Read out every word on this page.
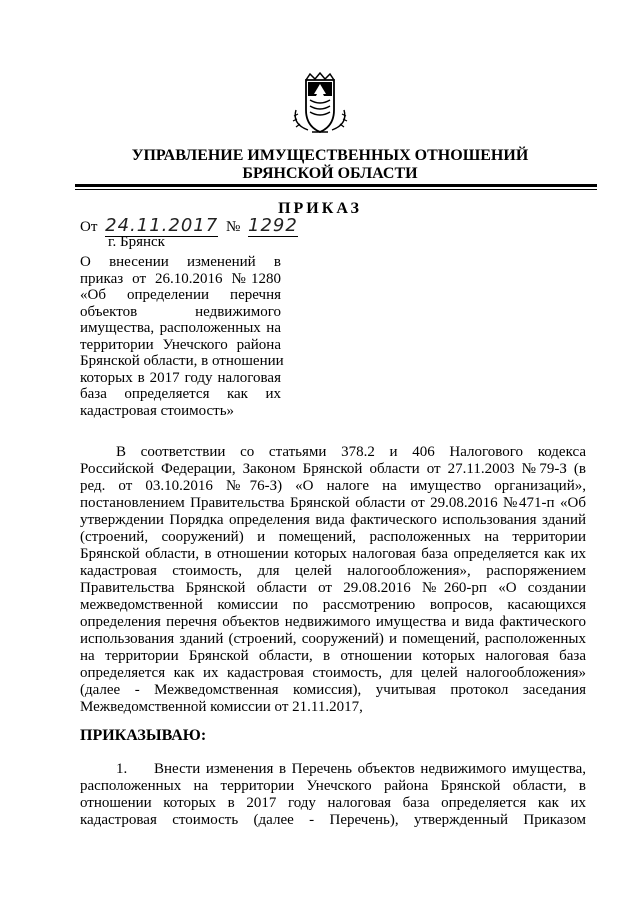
УПРАВЛЕНИЕ ИМУЩЕСТВЕННЫХ ОТНОШЕНИЙ
БРЯНСКОЙ ОБЛАСТИ
ПРИКАЗ
От 24.11.2017 № 1292
г. Брянск
О внесении изменений в
приказ от 26.10.2016 №1280
«Об определении перечня
объектов недвижимого
имущества, расположенных на
территории Унечского района
Брянской области, в отношении
которых в 2017 году налоговая
база определяется как их
кадастровая стоимость»
В соответствии со статьями 378.2 и 406 Налогового кодекса
Российской Федерации, Законом Брянской области от 27.11.2003 №79-З (в
ред. от 03.10.2016 №76-З) «О налоге на имущество организаций»,
постановлением Правительства Брянской области от 29.08.2016 №471-п «Об
утверждении Порядка определения вида фактического использования зданий
(строений, сооружений) и помещений, расположенных на территории
Брянской области, в отношении которых налоговая база определяется как их
кадастровая стоимость, для целей налогообложения», распоряжением
Правительства Брянской области от 29.08.2016 №260-рп «О создании
межведомственной комиссии по рассмотрению вопросов, касающихся
определения перечня объектов недвижимого имущества и вида фактического
использования зданий (строений, сооружений) и помещений, расположенных
на территории Брянской области, в отношении которых налоговая база
определяется как их кадастровая стоимость, для целей налогообложения»
(далее - Межведомственная комиссия), учитывая протокол заседания
Межведомственной комиссии от 21.11.2017,
ПРИКАЗЫВАЮ:
1. Внести изменения в Перечень объектов недвижимого имущества,
расположенных на территории Унечского района Брянской области, в
отношении которых в 2017 году налоговая база определяется как их
кадастровая стоимость (далее - Перечень), утвержденный Приказом
